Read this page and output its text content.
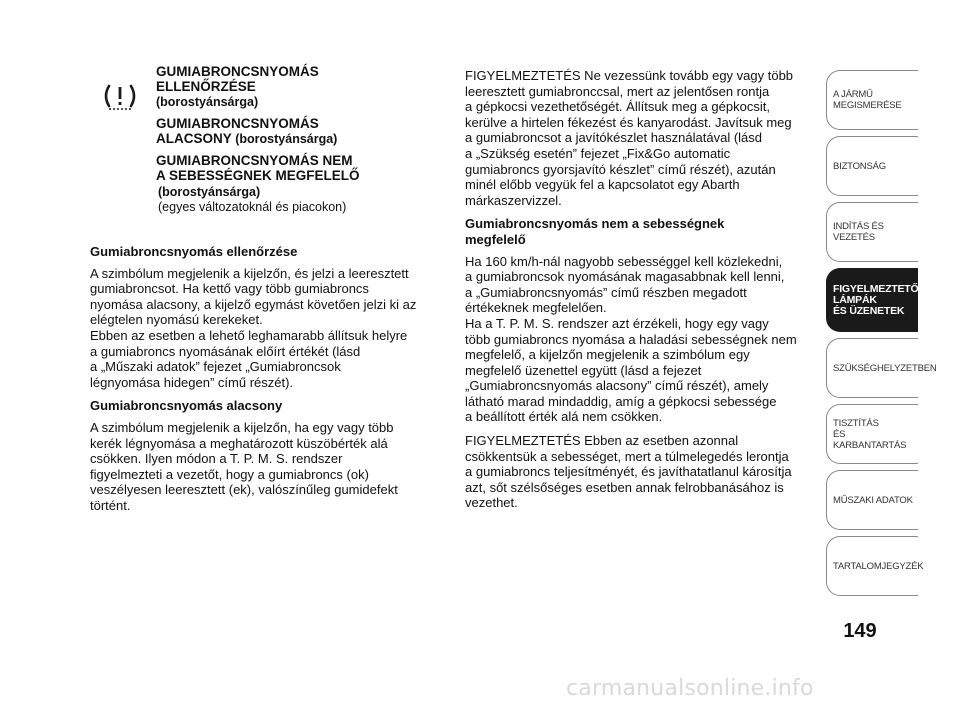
GUMIABRONCSNYOMÁS
ELLENŐRZÉSE
(borostyánsárga)
GUMIABRONCSNYOMÁS
ALACSONY (borostyánsárga)
GUMIABRONCSNYOMÁS NEM
A SEBESSÉGNEK MEGFELELŐ
(borostyánsárga)
(egyes változatoknál és piacokon)
Gumiabroncsnyomás ellenőrzése

A szimbólum megjelenik a kijelzőn, és jelzi a leeresztett
gumiabroncsot. Ha kettő vagy több gumiabroncs
nyomása alacsony, a kijelző egymást követően jelzi ki az
elégtelen nyomású kerekeket.
Ebben az esetben a lehető leghamarabb állítsuk helyre
a gumiabroncs nyomásának előírt értékét (lásd
a „Műszaki adatok” fejezet „Gumiabroncsok
légnyomása hidegen” című részét).

Gumiabroncsnyomás alacsony

A szimbólum megjelenik a kijelzőn, ha egy vagy több
kerék légnyomása a meghatározott küszöbérték alá
csökken. Ilyen módon a T. P. M. S. rendszer
figyelmezteti a vezetőt, hogy a gumiabroncs (ok)
veszélyesen leeresztett (ek), valószínűleg gumidefekt
történt.

FIGYELMEZTETÉS Ne vezessünk tovább egy vagy több
leeresztett gumiabronccsal, mert az jelentősen rontja
a gépkocsi vezethetőségét. Állítsuk meg a gépkocsit,
kerülve a hirtelen fékezést és kanyarodást. Javítsuk meg
a gumiabroncsot a javítókészlet használatával (lásd
a „Szükség esetén” fejezet „Fix&Go automatic
gumiabroncs gyorsjavító készlet” című részét), azután
minél előbb vegyük fel a kapcsolatot egy Abarth
márkaszervizzel.

Gumiabroncsnyomás nem a sebességnek
megfelelő

Ha 160 km/h-nál nagyobb sebességgel kell közlekedni,
a gumiabroncsok nyomásának magasabbnak kell lenni,
a „Gumiabroncsnyomás” című részben megadott
értékeknek megfelelően.
Ha a T. P. M. S. rendszer azt érzékeli, hogy egy vagy
több gumiabroncs nyomása a haladási sebességnek nem
megfelelő, a kijelzőn megjelenik a szimbólum egy
megfelelő üzenettel együtt (lásd a fejezet
„Gumiabroncsnyomás alacsony” című részét), amely
látható marad mindaddig, amíg a gépkocsi sebessége
a beállított érték alá nem csökken.

FIGYELMEZTETÉS Ebben az esetben azonnal
csökkentsük a sebességet, mert a túlmelegedés lerontja
a gumiabroncs teljesítményét, és javíthatatlanul károsítja
azt, sőt szélsőséges esetben annak felrobbanásához is
vezethet.

A JÁRMŰ
MEGISMERÉSE
BIZTONSÁG
INDÍTÁS ÉS VEZETÉS
FIGYELMEZTETŐ
LÁMPÁK
ÉS ÜZENETEK
SZÜKSÉGHELYZETBEN
TISZTÍTÁS
ÉS KARBANTARTÁS
MŰSZAKI ADATOK
TARTALOMJEGYZÉK
149
carmanualsonline.info
